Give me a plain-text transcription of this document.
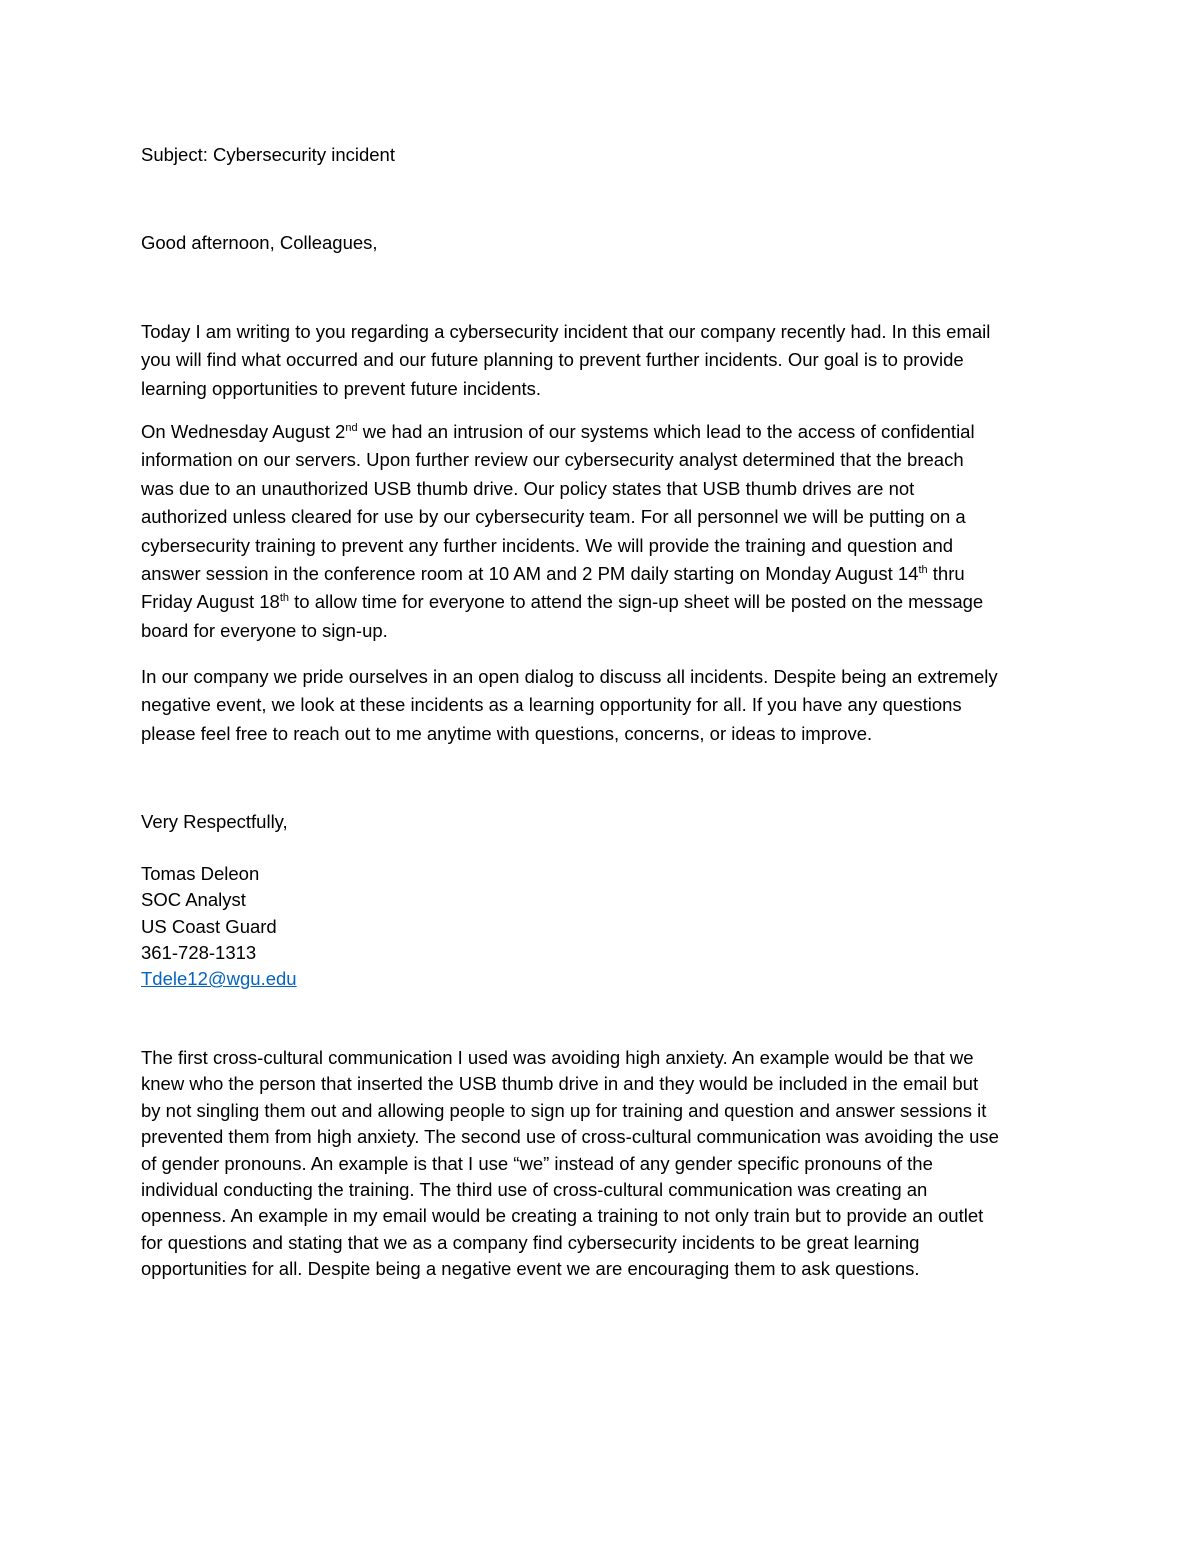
Subject: Cybersecurity incident
Good afternoon, Colleagues,
Today I am writing to you regarding a cybersecurity incident that our company recently had. In this email
you will find what occurred and our future planning to prevent further incidents. Our goal is to provide
learning opportunities to prevent future incidents.
On Wednesday August 2nd we had an intrusion of our systems which lead to the access of confidential
information on our servers. Upon further review our cybersecurity analyst determined that the breach
was due to an unauthorized USB thumb drive. Our policy states that USB thumb drives are not
authorized unless cleared for use by our cybersecurity team. For all personnel we will be putting on a
cybersecurity training to prevent any further incidents. We will provide the training and question and
answer session in the conference room at 10 AM and 2 PM daily starting on Monday August 14th thru
Friday August 18th to allow time for everyone to attend the sign-up sheet will be posted on the message
board for everyone to sign-up.
In our company we pride ourselves in an open dialog to discuss all incidents. Despite being an extremely
negative event, we look at these incidents as a learning opportunity for all. If you have any questions
please feel free to reach out to me anytime with questions, concerns, or ideas to improve.
Very Respectfully,
Tomas Deleon
SOC Analyst
US Coast Guard
361-728-1313
Tdele12@wgu.edu
The first cross-cultural communication I used was avoiding high anxiety. An example would be that we
knew who the person that inserted the USB thumb drive in and they would be included in the email but
by not singling them out and allowing people to sign up for training and question and answer sessions it
prevented them from high anxiety. The second use of cross-cultural communication was avoiding the use
of gender pronouns. An example is that I use “we” instead of any gender specific pronouns of the
individual conducting the training. The third use of cross-cultural communication was creating an
openness. An example in my email would be creating a training to not only train but to provide an outlet
for questions and stating that we as a company find cybersecurity incidents to be great learning
opportunities for all. Despite being a negative event we are encouraging them to ask questions.
